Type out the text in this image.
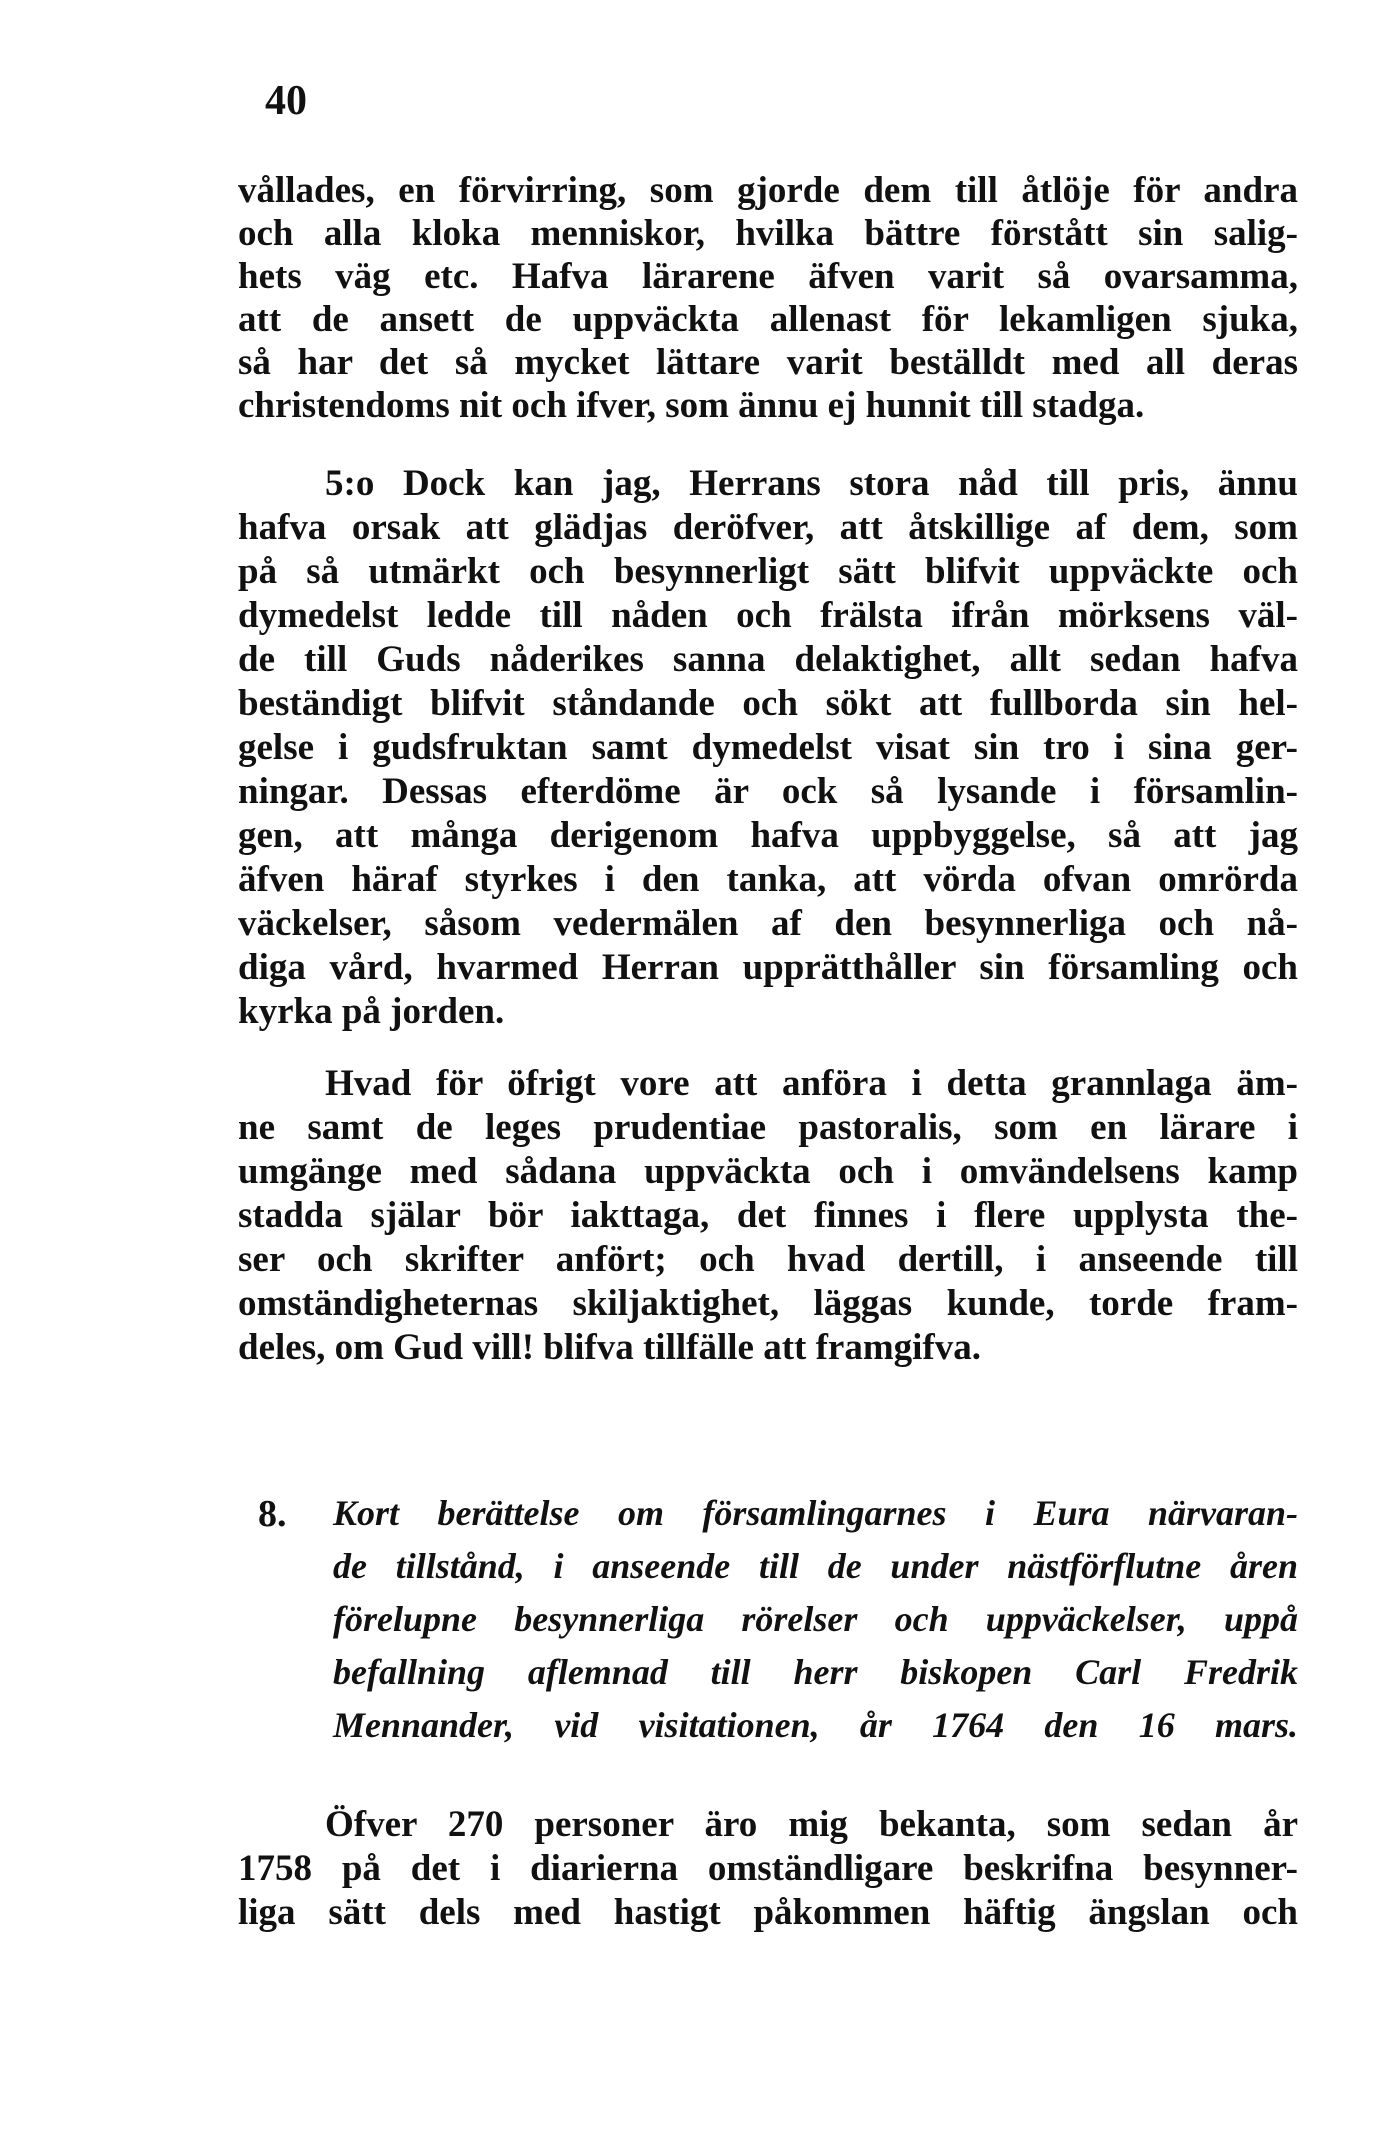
40
vållades, en förvirring, som gjorde dem till åtlöje för andra
och alla kloka menniskor, hvilka bättre förstått sin salig-
hets väg etc. Hafva lärarene äfven varit så ovarsamma,
att de ansett de uppväckta allenast för lekamligen sjuka,
så har det så mycket lättare varit beställdt med all deras
christendoms nit och ifver, som ännu ej hunnit till stadga.
5:o Dock kan jag, Herrans stora nåd till pris, ännu
hafva orsak att glädjas deröfver, att åtskillige af dem, som
på så utmärkt och besynnerligt sätt blifvit uppväckte och
dymedelst ledde till nåden och frälsta ifrån mörksens väl-
de till Guds nåderikes sanna delaktighet, allt sedan hafva
beständigt blifvit ståndande och sökt att fullborda sin hel-
gelse i gudsfruktan samt dymedelst visat sin tro i sina ger-
ningar. Dessas efterdöme är ock så lysande i församlin-
gen, att många derigenom hafva uppbyggelse, så att jag
äfven häraf styrkes i den tanka, att vörda ofvan omrörda
väckelser, såsom vedermälen af den besynnerliga och nå-
diga vård, hvarmed Herran upprätthåller sin församling och
kyrka på jorden.
Hvad för öfrigt vore att anföra i detta grannlaga äm-
ne samt de leges prudentiae pastoralis, som en lärare i
umgänge med sådana uppväckta och i omvändelsens kamp
stadda själar bör iakttaga, det finnes i flere upplysta the-
ser och skrifter anfört; och hvad dertill, i anseende till
omständigheternas skiljaktighet, läggas kunde, torde fram-
deles, om Gud vill! blifva tillfälle att framgifva.
8. Kort berättelse om församlingarnes i Eura närvaran-
de tillstånd, i anseende till de under nästförflutne åren
förelupne besynnerliga rörelser och uppväckelser, uppå
befallning aflemnad till herr biskopen Carl Fredrik
Mennander, vid visitationen, år 1764 den 16 mars.
Öfver 270 personer äro mig bekanta, som sedan år
1758 på det i diarierna omständligare beskrifna besynner-
liga sätt dels med hastigt påkommen häftig ängslan och
